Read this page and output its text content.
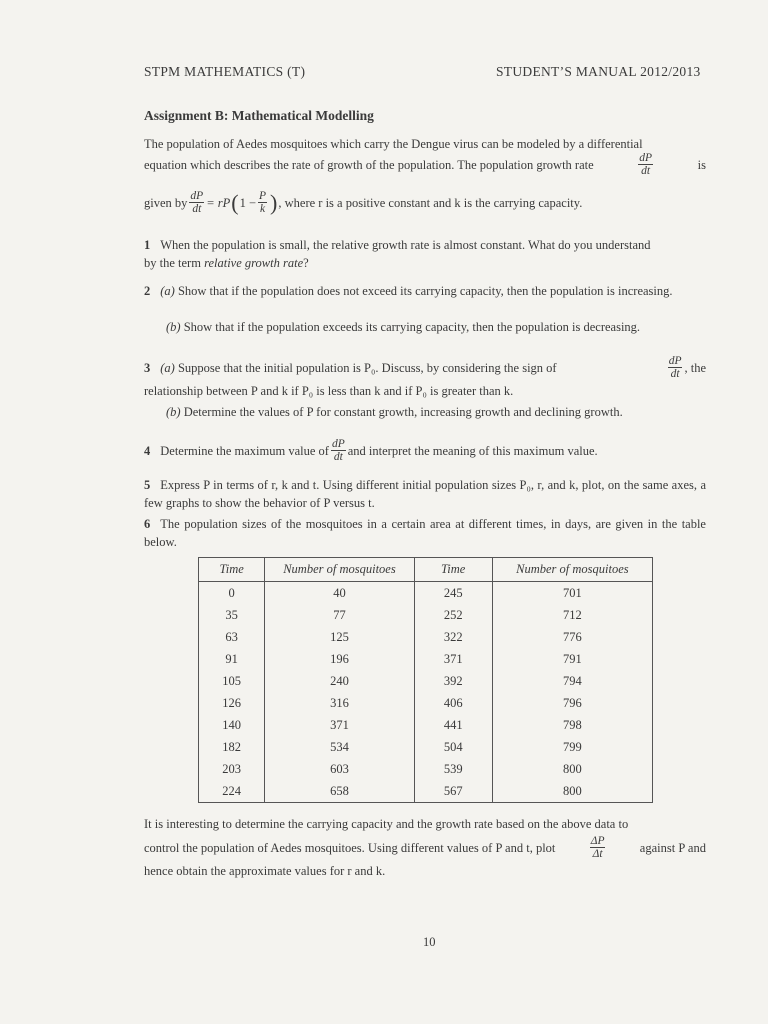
STPM MATHEMATICS (T)	STUDENT’S MANUAL 2012/2013
Assignment B: Mathematical Modelling
The population of Aedes mosquitoes which carry the Dengue virus can be modeled by a differential
equation which describes the rate of growth of the population. The population growth rate	$\frac{dP}{dt}$	is
given by $\frac{dP}{dt}$ = rP ( $1 - \frac{P}{k}$ ) , where r is a positive constant and k is the carrying capacity.
1 When the population is small, the relative growth rate is almost constant. What do you understand
by the term relative growth rate?
2 (a) Show that if the population does not exceed its carrying capacity, then the population is increasing.
(b) Show that if the population exceeds its carrying capacity, then the population is decreasing.
3 (a) Suppose that the initial population is P₀. Discuss, by considering the sign of	$\frac{dP}{dt}$ , the
relationship between P and k if P₀ is less than k and if P₀ is greater than k.
(b) Determine the values of P for constant growth, increasing growth and declining growth.
4 Determine the maximum value of $\frac{dP}{dt}$ and interpret the meaning of this maximum value.
5 Express P in terms of r, k and t. Using different initial population sizes P₀, r, and k, plot, on the same axes, a few graphs to show the behavior of P versus t.
6 The population sizes of the mosquitoes in a certain area at different times, in days, are given in the table below.
Time	Number of mosquitoes	Time	Number of mosquitoes
0	40	245	701
35	77	252	712
63	125	322	776
91	196	371	791
105	240	392	794
126	316	406	796
140	371	441	798
182	534	504	799
203	603	539	800
224	658	567	800
It is interesting to determine the carrying capacity and the growth rate based on the above data to
control the population of Aedes mosquitoes. Using different values of P and t, plot	$\frac{\Delta P}{\Delta t}$	against P and
hence obtain the approximate values for r and k.
10
